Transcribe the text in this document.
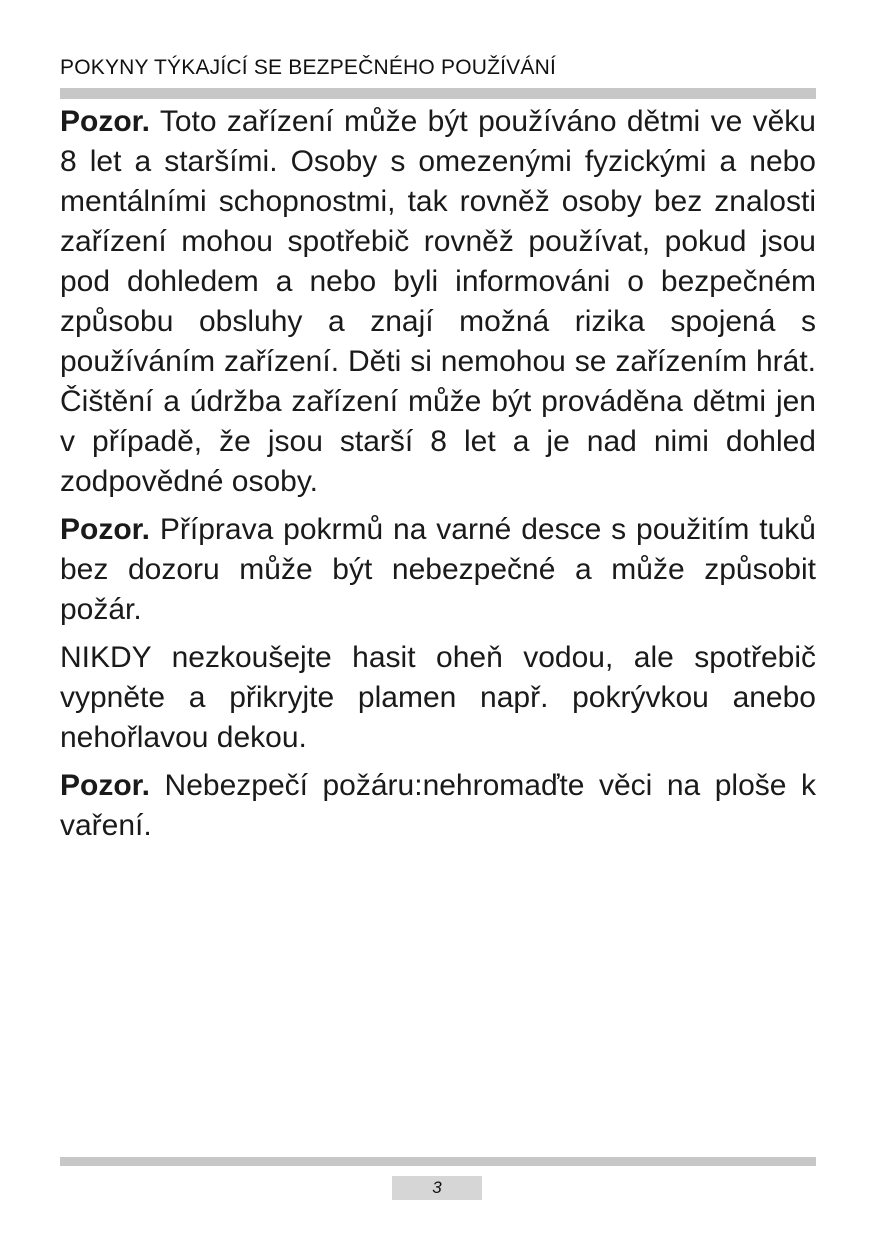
POKYNY TÝKAJÍCÍ SE BEZPEČNÉHO POUŽÍVÁNÍ

Pozor. Toto zařízení může být používáno dětmi ve věku 8 let a staršími. Osoby s omezenými fyzickými a nebo mentálními schopnostmi, tak rovněž osoby bez znalosti zařízení mohou spotřebič rovněž používat, pokud jsou pod dohledem a nebo byli informováni o bezpečném způsobu obsluhy a znají možná rizika spojená s používáním zařízení. Děti si nemohou se zařízením hrát. Čištění a údržba zařízení může být prováděna dětmi jen v případě, že jsou starší 8 let a je nad nimi dohled zodpovědné osoby.

Pozor. Příprava pokrmů na varné desce s použitím tuků bez dozoru může být nebezpečné a může způsobit požár.

NIKDY nezkoušejte hasit oheň vodou, ale spotřebič vypněte a přikryjte plamen např. pokrývkou anebo nehořlavou dekou.

Pozor. Nebezpečí požáru:nehromaďte věci na ploše k vaření.

3
